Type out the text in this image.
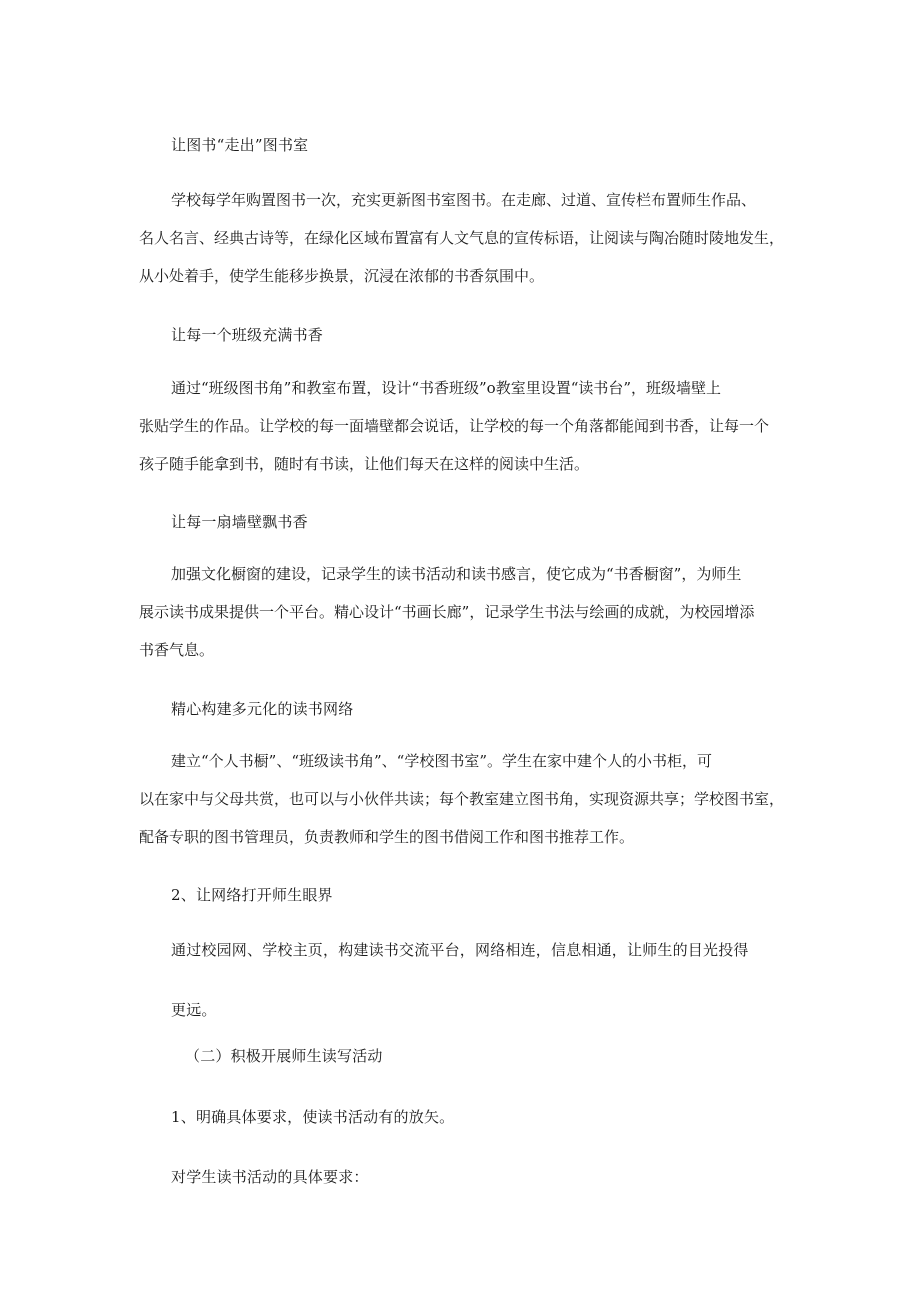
让图书“走出”图书室

学校每学年购置图书一次，充实更新图书室图书。在走廊、过道、宣传栏布置师生作品、
名人名言、经典古诗等，在绿化区域布置富有人文气息的宣传标语，让阅读与陶冶随时陵地发生，
从小处着手，使学生能移步换景，沉浸在浓郁的书香氛围中。

让每一个班级充满书香

通过“班级图书角”和教室布置，设计“书香班级”o教室里设置“读书台”，班级墙壁上
张贴学生的作品。让学校的每一面墙壁都会说话，让学校的每一个角落都能闻到书香，让每一个
孩子随手能拿到书，随时有书读，让他们每天在这样的阅读中生活。

让每一扇墙壁飘书香

加强文化橱窗的建设，记录学生的读书活动和读书感言，使它成为“书香橱窗”，为师生
展示读书成果提供一个平台。精心设计“书画长廊”，记录学生书法与绘画的成就，为校园增添
书香气息。

精心构建多元化的读书网络

建立“个人书橱”、“班级读书角”、“学校图书室”。学生在家中建个人的小书柜，可
以在家中与父母共赏，也可以与小伙伴共读；每个教室建立图书角，实现资源共享；学校图书室，
配备专职的图书管理员，负责教师和学生的图书借阅工作和图书推荐工作。

2、让网络打开师生眼界

通过校园网、学校主页，构建读书交流平台，网络相连，信息相通，让师生的目光投得

更远。

（二）积极开展师生读写活动

1、明确具体要求，使读书活动有的放矢。

对学生读书活动的具体要求：
